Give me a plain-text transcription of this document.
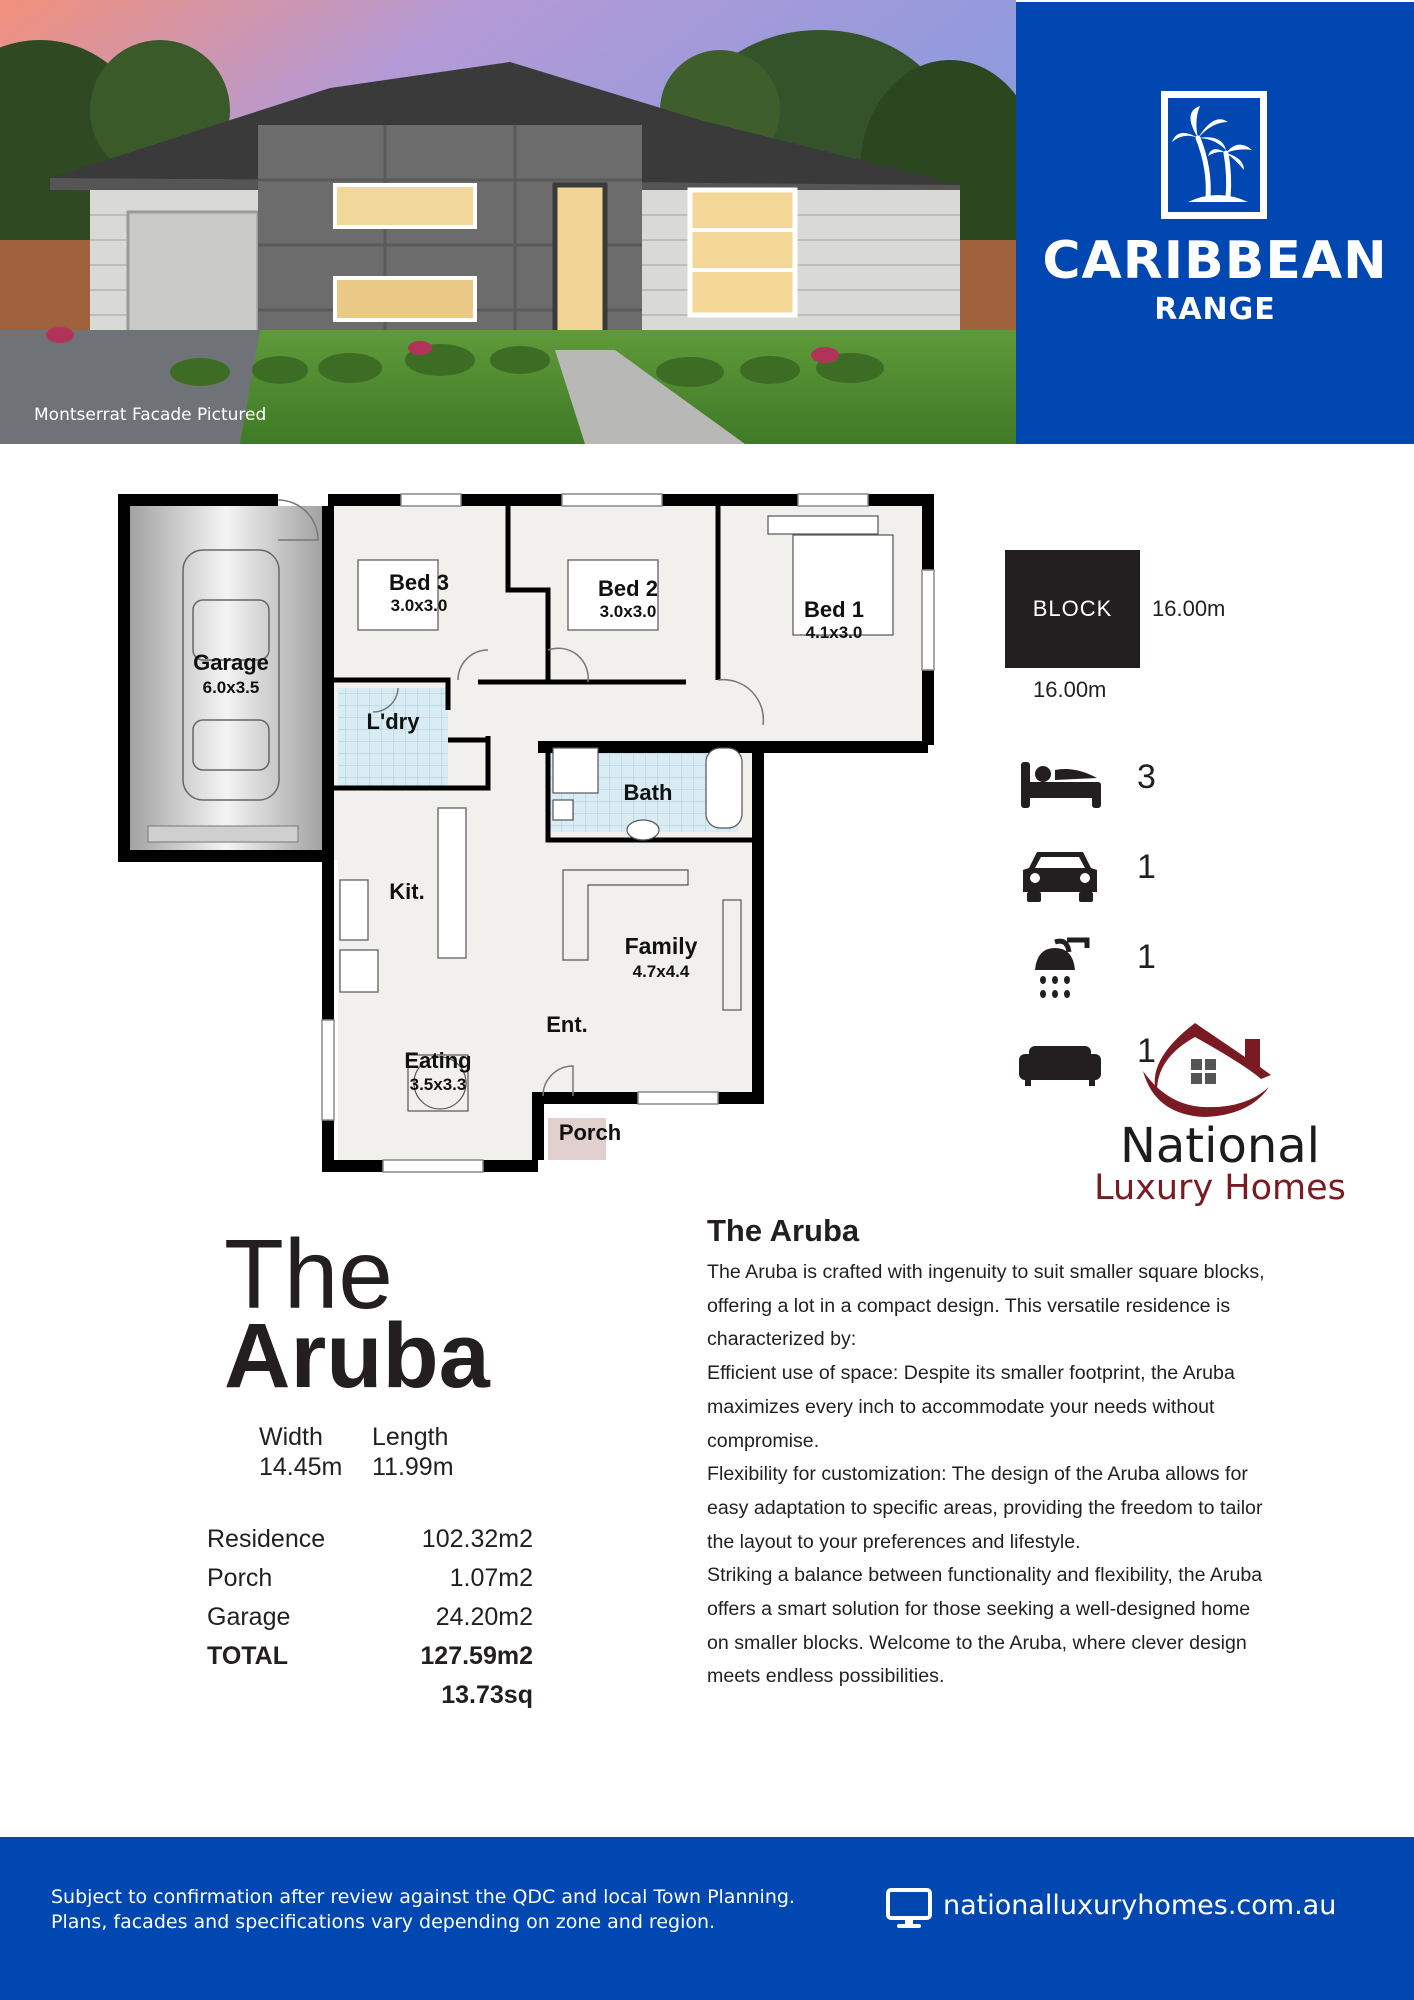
Montserrat Facade Pictured
CARIBBEAN
RANGE
Garage
6.0x3.5
Bed 3
3.0x3.0
Bed 2
3.0x3.0	Bed 1
4.1x3.0
L'dry
Bath
Kit.
Family
4.7x4.4
Ent.
Eating
3.5x3.3
Porch
BLOCK	16.00m
16.00m
3
1
1
1
National
Luxury Homes
The
Aruba
Width
14.45m
Length
11.99m
Residence	102.32m2
Porch	1.07m2
Garage	24.20m2
TOTAL	127.59m2
13.73sq
The Aruba

The Aruba is crafted with ingenuity to suit smaller square blocks, offering a lot in a compact design. This versatile residence is characterized by:

Efficient use of space: Despite its smaller footprint, the Aruba maximizes every inch to accommodate your needs without compromise.

Flexibility for customization: The design of the Aruba allows for easy adaptation to specific areas, providing the freedom to tailor the layout to your preferences and lifestyle.

Striking a balance between functionality and flexibility, the Aruba offers a smart solution for those seeking a well-designed home on smaller blocks. Welcome to the Aruba, where clever design meets endless possibilities.

Subject to confirmation after review against the QDC and local Town Planning.
Plans, facades and specifications vary depending on zone and region.
nationalluxuryhomes.com.au
